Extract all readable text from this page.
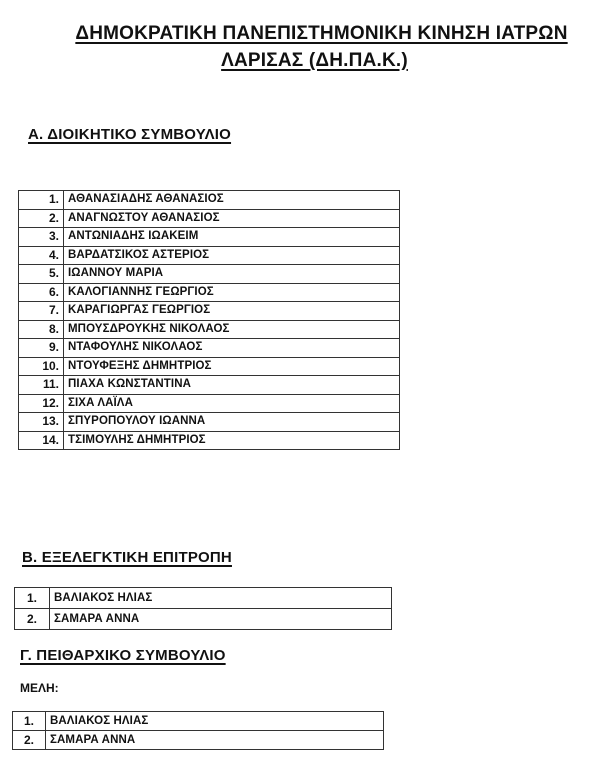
ΔΗΜΟΚΡΑΤΙΚΗ ΠΑΝΕΠΙΣΤΗΜΟΝΙΚΗ ΚΙΝΗΣΗ ΙΑΤΡΩΝ
ΛΑΡΙΣΑΣ (ΔΗ.ΠΑ.Κ.)
Α. ΔΙΟΙΚΗΤΙΚΟ ΣΥΜΒΟΥΛΙΟ
1.	ΑΘΑΝΑΣΙΑΔΗΣ ΑΘΑΝΑΣΙΟΣ
2.	ΑΝΑΓΝΩΣΤΟΥ ΑΘΑΝΑΣΙΟΣ
3.	ΑΝΤΩΝΙΑΔΗΣ ΙΩΑΚΕΙΜ
4.	ΒΑΡΔΑΤΣΙΚΟΣ ΑΣΤΕΡΙΟΣ
5.	ΙΩΑΝΝΟΥ ΜΑΡΙΑ
6.	ΚΑΛΟΓΙΑΝΝΗΣ ΓΕΩΡΓΙΟΣ
7.	ΚΑΡΑΓΙΩΡΓΑΣ ΓΕΩΡΓΙΟΣ
8.	ΜΠΟΥΣΔΡΟΥΚΗΣ ΝΙΚΟΛΑΟΣ
9.	ΝΤΑΦΟΥΛΗΣ ΝΙΚΟΛΑΟΣ
10.	ΝΤΟΥΦΕΞΗΣ ΔΗΜΗΤΡΙΟΣ
11.	ΠΙΑΧΑ ΚΩΝΣΤΑΝΤΙΝΑ
12.	ΣΙΧΑ ΛΑΪΛΑ
13.	ΣΠΥΡΟΠΟΥΛΟΥ ΙΩΑΝΝΑ
14.	ΤΣΙΜΟΥΛΗΣ ΔΗΜΗΤΡΙΟΣ
Β. ΕΞΕΛΕΓΚΤΙΚΗ ΕΠΙΤΡΟΠΗ
1.	ΒΑΛΙΑΚΟΣ ΗΛΙΑΣ
2.	ΣΑΜΑΡΑ ΑΝΝΑ
Γ. ΠΕΙΘΑΡΧΙΚΟ ΣΥΜΒΟΥΛΙΟ
ΜΕΛΗ:
1.	ΒΑΛΙΑΚΟΣ ΗΛΙΑΣ
2.	ΣΑΜΑΡΑ ΑΝΝΑ
